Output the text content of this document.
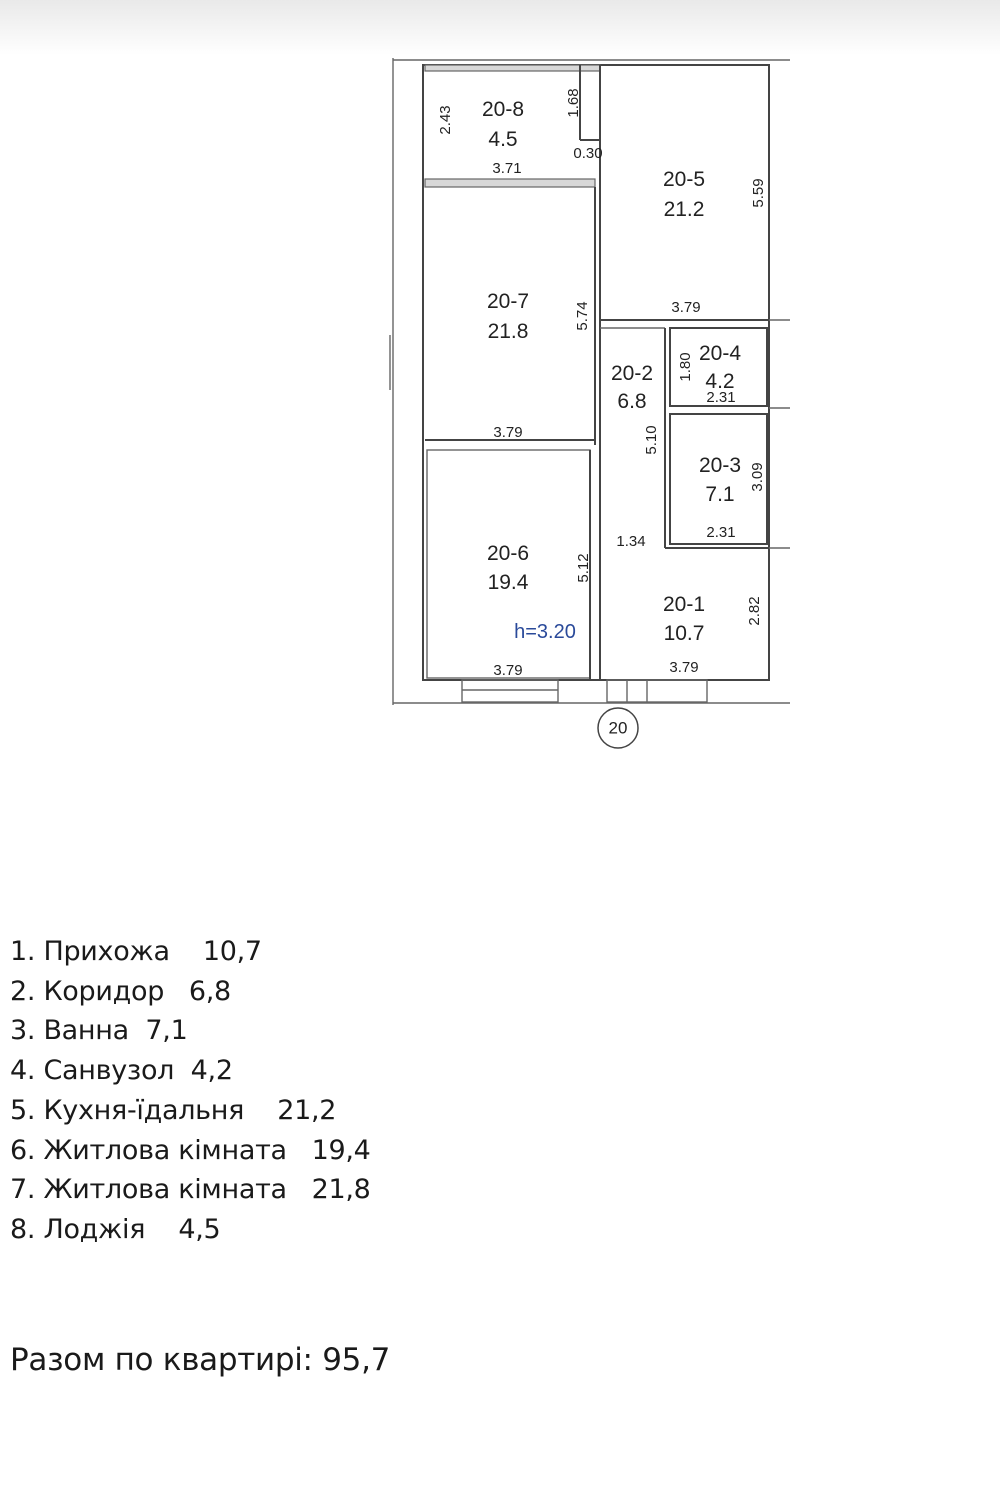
20
20-8
4.5
20-5
21.2
20-7
21.8
20-2
6.8
20-4
4.2
20-3
7.1
20-6
19.4
20-1
10.7
h=3.20
2.43
1.68
0.30
3.71
5.59
3.79
5.74
1.80
2.31
3.79	5.10
3.09
2.31
1.34
5.12
2.82
3.79	3.79
1. Прихожа    10,7
2. Коридор   6,8
3. Ванна  7,1
4. Санвузол  4,2
5. Кухня-їдальня    21,2
6. Житлова кімната   19,4
7. Житлова кімната   21,8
8. Лоджія    4,5
Разом по квартирі: 95,7
